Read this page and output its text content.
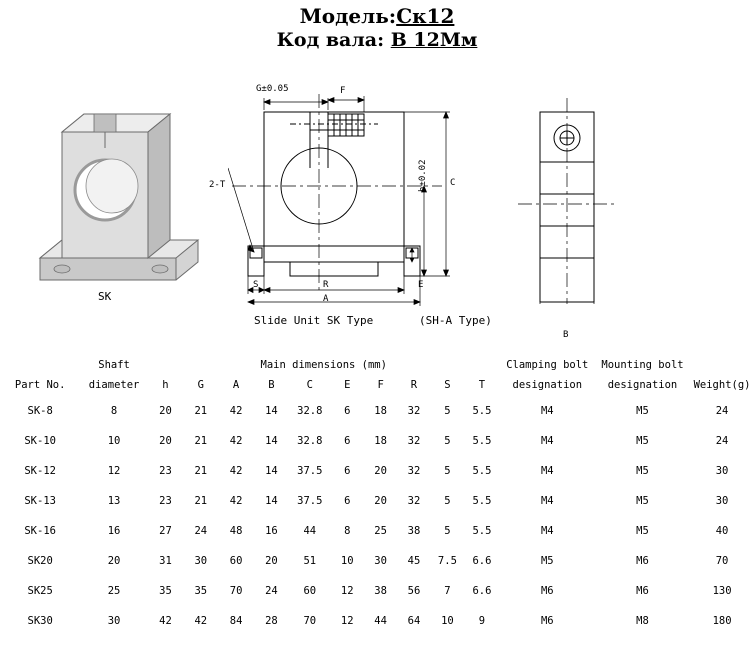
Модель:Ск12
Код вала: B 12Мм
SK
G±0.05	F
C
h±0.02
E
2-T
S	R
A
B
Slide Unit SK Type	(SH-A Type)
	Shaft	Main dimensions (mm)										Clamping bolt	Mounting bolt	
Part No.	diameter	h	G	A	B	C	E	F	R	S	T	designation	designation	Weight(g)
SK-8	8	20	21	42	14	32.8	6	18	32	5	5.5	M4	M5	24
SK-10	10	20	21	42	14	32.8	6	18	32	5	5.5	M4	M5	24
SK-12	12	23	21	42	14	37.5	6	20	32	5	5.5	M4	M5	30
SK-13	13	23	21	42	14	37.5	6	20	32	5	5.5	M4	M5	30
SK-16	16	27	24	48	16	44	8	25	38	5	5.5	M4	M5	40
SK20	20	31	30	60	20	51	10	30	45	7.5	6.6	M5	M6	70
SK25	25	35	35	70	24	60	12	38	56	7	6.6	M6	M6	130
SK30	30	42	42	84	28	70	12	44	64	10	9	M6	M8	180
